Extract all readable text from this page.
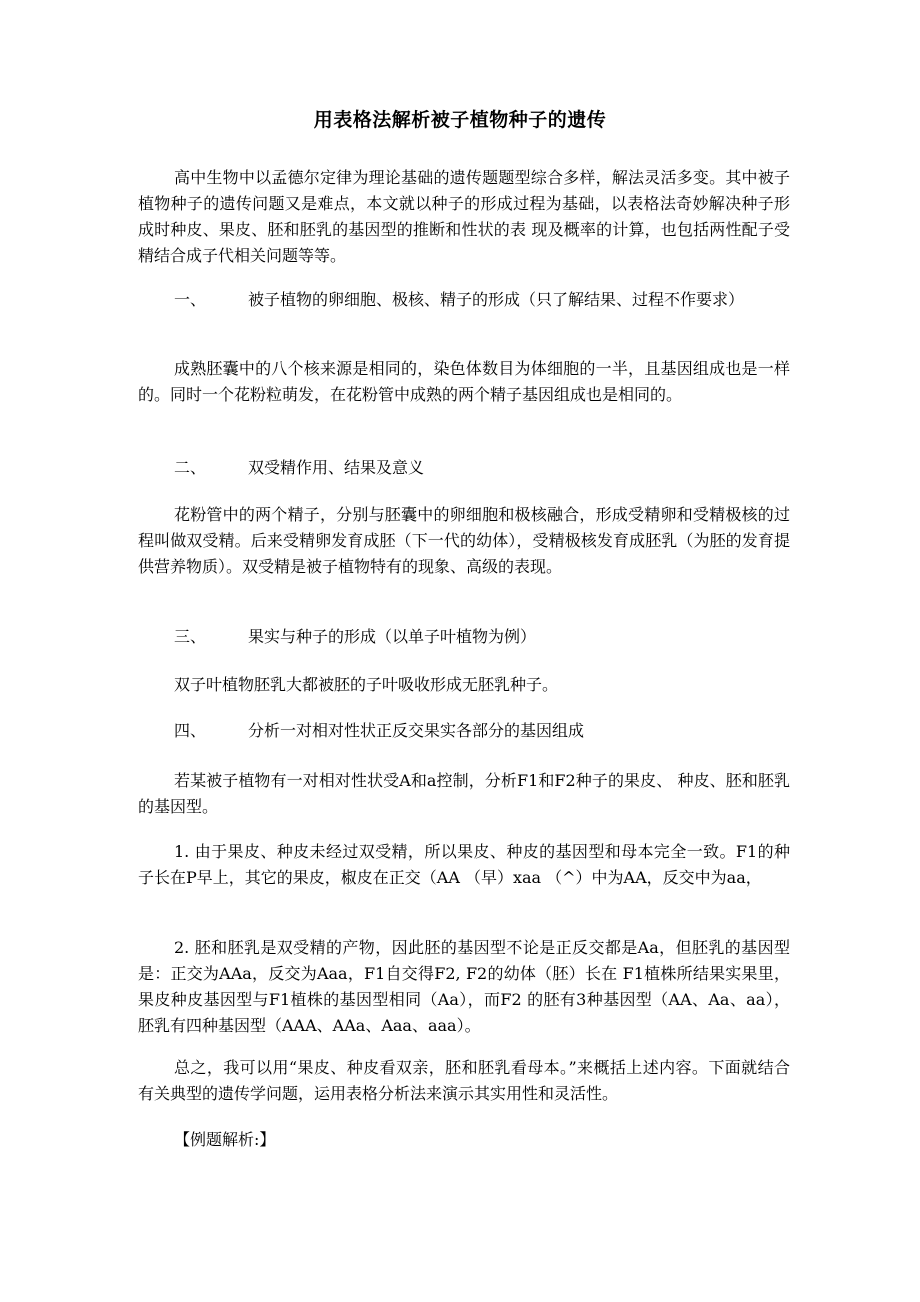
用表格法解析被子植物种子的遗传

高中生物中以孟德尔定律为理论基础的遗传题题型综合多样，解法灵活多变。其中被子植物种子的遗传问题又是难点，本文就以种子的形成过程为基础，以表格法奇妙解决种子形成时种皮、果皮、胚和胚乳的基因型的推断和性状的表 现及概率的计算，也包括两性配子受精结合成子代相关问题等等。

一、	被子植物的卵细胞、极核、精子的形成（只了解结果、过程不作要求）

成熟胚囊中的八个核来源是相同的，染色体数目为体细胞的一半，且基因组成也是一样的。同时一个花粉粒萌发，在花粉管中成熟的两个精子基因组成也是相同的。

二、	双受精作用、结果及意义

花粉管中的两个精子，分别与胚囊中的卵细胞和极核融合，形成受精卵和受精极核的过程叫做双受精。后来受精卵发育成胚（下一代的幼体），受精极核发育成胚乳（为胚的发育提供营养物质）。双受精是被子植物特有的现象、高级的表现。

三、	果实与种子的形成（以单子叶植物为例）

双子叶植物胚乳大都被胚的子叶吸收形成无胚乳种子。

四、	分析一对相对性状正反交果实各部分的基因组成

若某被子植物有一对相对性状受A和a控制，分析F1和F2种子的果皮、 种皮、胚和胚乳的基因型。

1. 由于果皮、种皮未经过双受精，所以果皮、种皮的基因型和母本完全一致。F1的种子长在P早上，其它的果皮，椒皮在正交（AA （早）xaa （^）中为AA，反交中为aa，

2. 胚和胚乳是双受精的产物，因此胚的基因型不论是正反交都是Aa，但胚乳的基因型是：正交为AAa，反交为Aaa，F1自交得F2, F2的幼体（胚）长在 F1植株所结果实果里，果皮种皮基因型与F1植株的基因型相同（Aa），而F2 的胚有3种基因型（AA、Aa、aa），胚乳有四种基因型（AAA、AAa、Aaa、aaa）。

总之，我可以用“果皮、种皮看双亲，胚和胚乳看母本。”来概括上述内容。下面就结合有关典型的遗传学问题，运用表格分析法来演示其实用性和灵活性。

【例题解析:】
